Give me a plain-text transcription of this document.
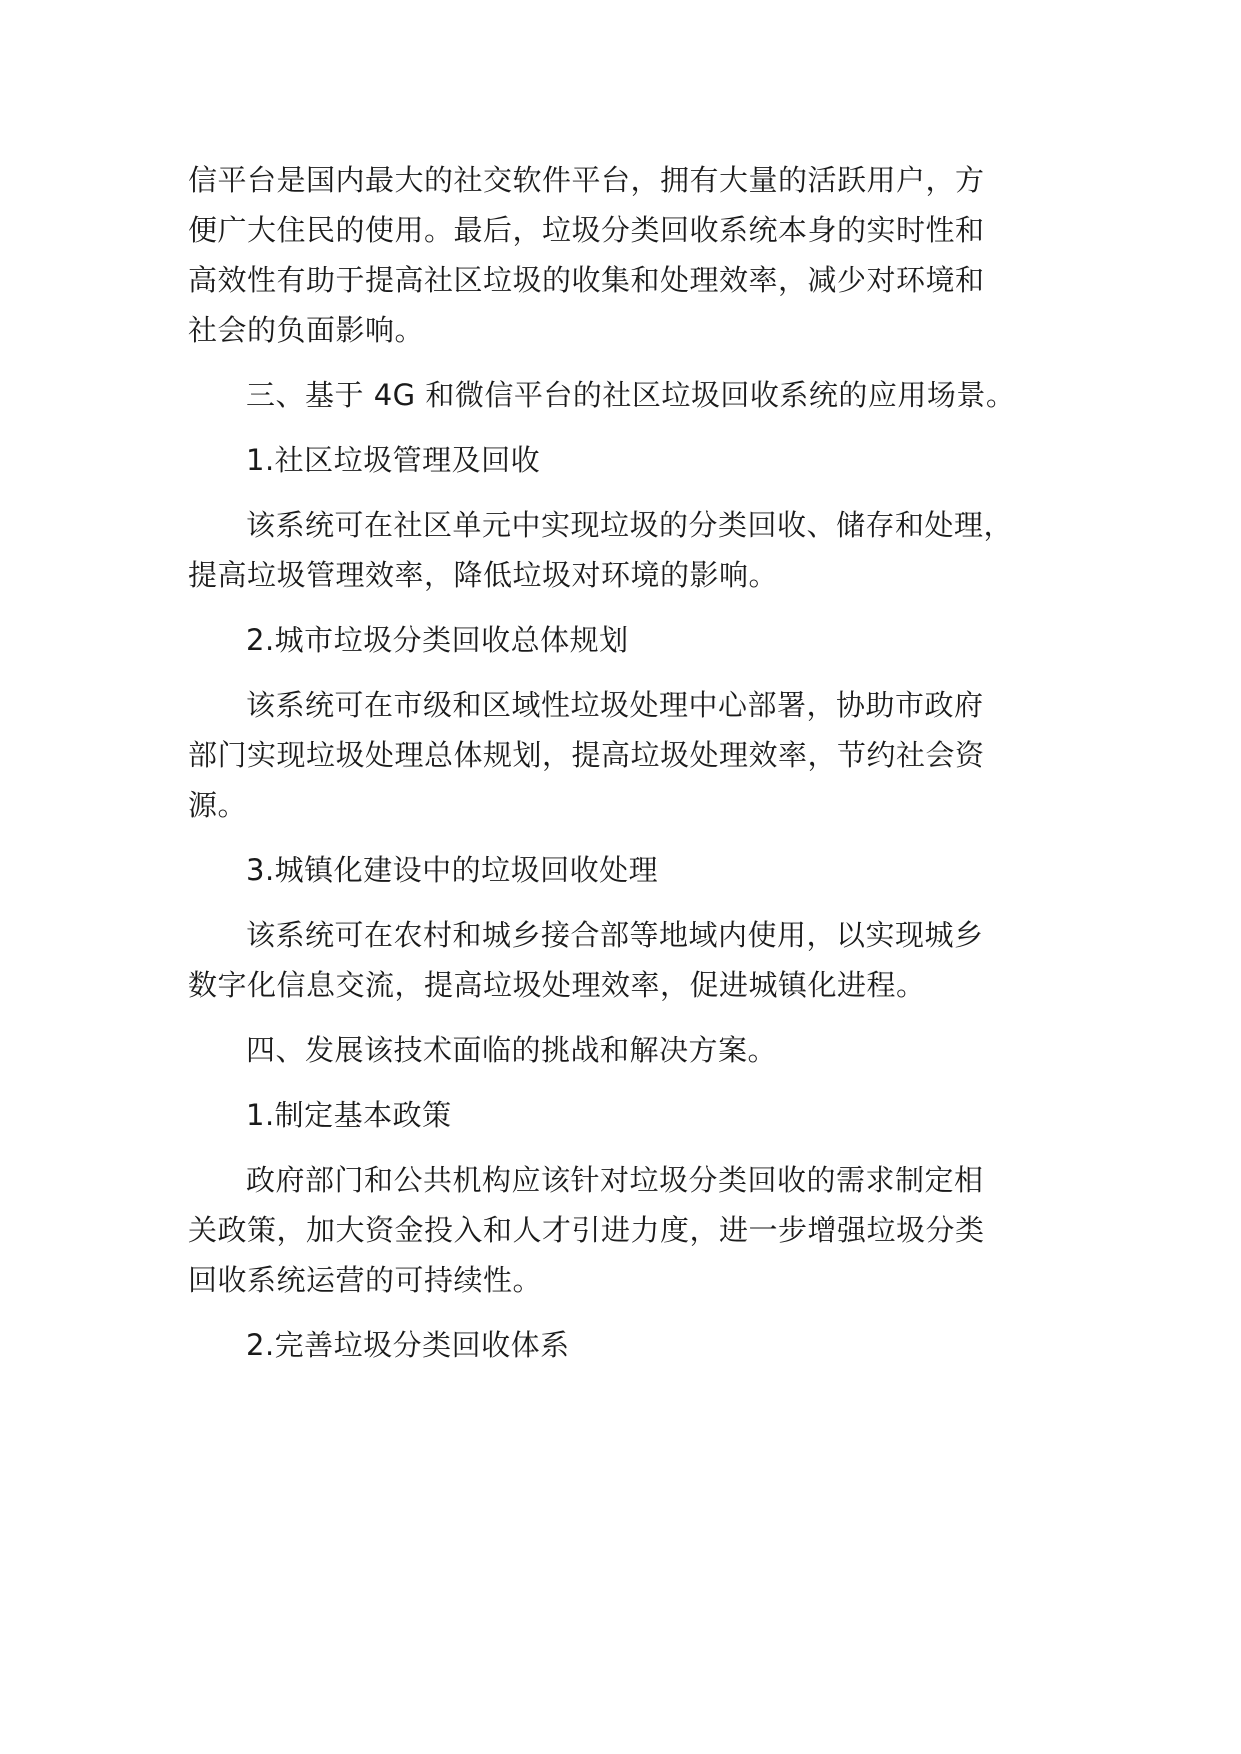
信平台是国内最大的社交软件平台，拥有大量的活跃用户，方
便广大住民的使用。最后，垃圾分类回收系统本身的实时性和
高效性有助于提高社区垃圾的收集和处理效率，减少对环境和
社会的负面影响。
三、基于 4G 和微信平台的社区垃圾回收系统的应用场景。
1.社区垃圾管理及回收
该系统可在社区单元中实现垃圾的分类回收、储存和处理，
提高垃圾管理效率，降低垃圾对环境的影响。
2.城市垃圾分类回收总体规划
该系统可在市级和区域性垃圾处理中心部署，协助市政府
部门实现垃圾处理总体规划，提高垃圾处理效率，节约社会资
源。
3.城镇化建设中的垃圾回收处理
该系统可在农村和城乡接合部等地域内使用，以实现城乡
数字化信息交流，提高垃圾处理效率，促进城镇化进程。
四、发展该技术面临的挑战和解决方案。
1.制定基本政策
政府部门和公共机构应该针对垃圾分类回收的需求制定相
关政策，加大资金投入和人才引进力度，进一步增强垃圾分类
回收系统运营的可持续性。
2.完善垃圾分类回收体系
